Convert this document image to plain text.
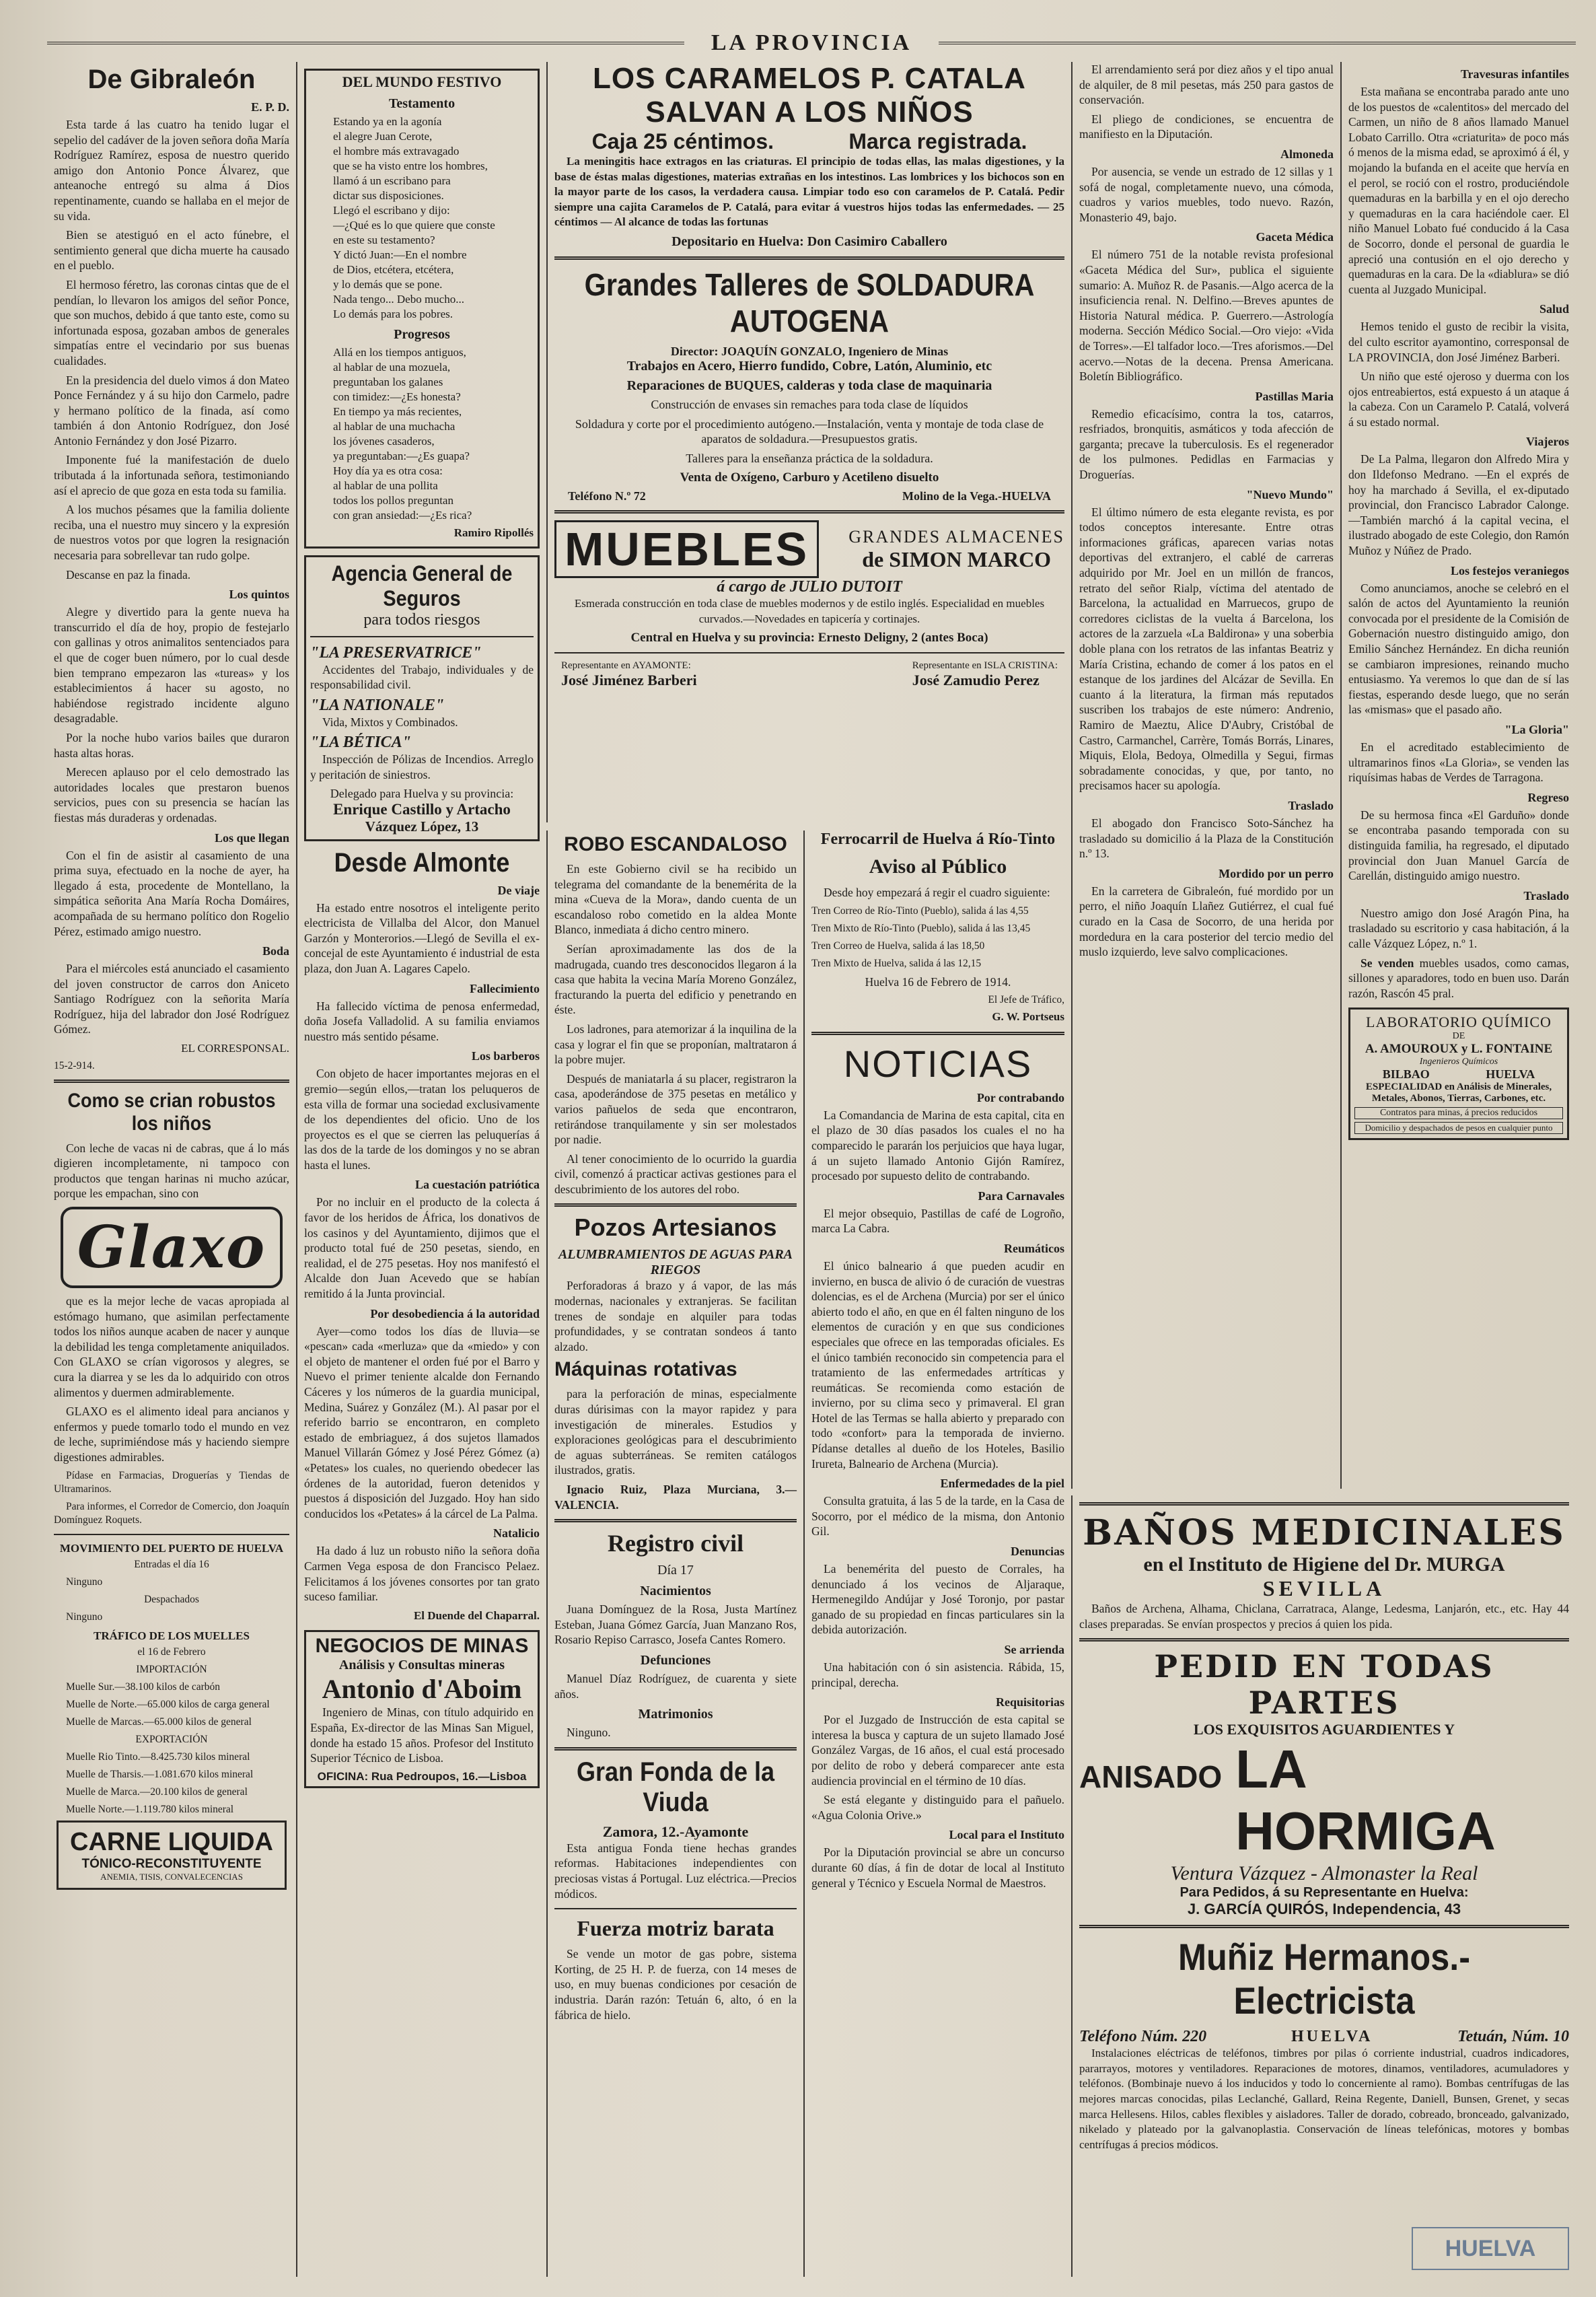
LA PROVINCIA
De Gibraleón
E. P. D.

Esta tarde á las cuatro ha tenido lugar el sepelio del cadáver de la joven señora doña María Rodríguez Ramírez, esposa de nuestro querido amigo don Antonio Ponce Álvarez, que anteanoche entregó su alma á Dios repentinamente, cuando se hallaba en el mejor de su vida.

Bien se atestiguó en el acto fúnebre, el sentimiento general que dicha muerte ha causado en el pueblo.

El hermoso féretro, las coronas cintas que de el pendían, lo llevaron los amigos del señor Ponce, que son muchos, debido á que tanto este, como su infortunada esposa, gozaban ambos de generales simpatías entre el vecindario por sus buenas cualidades.

En la presidencia del duelo vimos á don Mateo Ponce Fernández y á su hijo don Carmelo, padre y hermano político de la finada, así como también á don Antonio Rodríguez, don José Antonio Fernández y don José Pizarro.

Imponente fué la manifestación de duelo tributada á la infortunada señora, testimoniando así el aprecio de que goza en esta toda su familia.

A los muchos pésames que la familia doliente reciba, una el nuestro muy sincero y la expresión de nuestros votos por que logren la resignación necesaria para sobrellevar tan rudo golpe.

Descanse en paz la finada.

Los quintos

Alegre y divertido para la gente nueva ha transcurrido el día de hoy, propio de festejarlo con gallinas y otros animalitos sentenciados para el que de coger buen número, por lo cual desde bien temprano empezaron las «tureas» y los establecimientos á hacer su agosto, no habiéndose registrado incidente alguno desagradable.

Por la noche hubo varios bailes que duraron hasta altas horas.

Merecen aplauso por el celo demostrado las autoridades locales que prestaron buenos servicios, pues con su presencia se hacían las fiestas más duraderas y ordenadas.

Los que llegan

Con el fin de asistir al casamiento de una prima suya, efectuado en la noche de ayer, ha llegado á esta, procedente de Montellano, la simpática señorita Ana María Rocha Domáires, acompañada de su hermano político don Rogelio Pérez, estimado amigo nuestro.

Boda

Para el miércoles está anunciado el casamiento del joven constructor de carros don Aniceto Santiago Rodríguez con la señorita María Rodríguez, hija del labrador don José Rodríguez Gómez.

EL CORRESPONSAL.

15-2-914.

Como se crian robustos los niños

Con leche de vacas ni de cabras, que á lo más digieren incompletamente, ni tampoco con productos que tengan harinas ni mucho azúcar, porque les empachan, sino con

Glaxo

que es la mejor leche de vacas apropiada al estómago humano, que asimilan perfectamente todos los niños aunque acaben de nacer y aunque la debilidad les tenga completamente aniquilados. Con GLAXO se crían vigorosos y alegres, se cura la diarrea y se les da lo adquirido con otros alimentos y duermen admirablemente.

GLAXO es el alimento ideal para ancianos y enfermos y puede tomarlo todo el mundo en vez de leche, suprimiéndose más y haciendo siempre digestiones admirables.

Pídase en Farmacias, Droguerías y Tiendas de Ultramarinos.

Para informes, el Corredor de Comercio, don Joaquín Domínguez Roquets.

MOVIMIENTO DEL PUERTO DE HUELVA

Entradas el día 16

Ninguno

Despachados

Ninguno

TRÁFICO DE LOS MUELLES

el 16 de Febrero

IMPORTACIÓN

Muelle Sur.—38.100 kilos de carbón

Muelle de Norte.—65.000 kilos de carga general

Muelle de Marcas.—65.000 kilos de general

EXPORTACIÓN

Muelle Rio Tinto.—8.425.730 kilos mineral

Muelle de Tharsis.—1.081.670 kilos mineral

Muelle de Marca.—20.100 kilos de general

Muelle Norte.—1.119.780 kilos mineral

CARNE LIQUIDA
TÓNICO-RECONSTITUYENTE
ANEMIA, TISIS, CONVALECENCIAS
DEL MUNDO FESTIVO
Testamento

Estando ya en la agonía

el alegre Juan Cerote,

el hombre más extravagado

que se ha visto entre los hombres,

llamó á un escribano para

dictar sus disposiciones.

Llegó el escribano y dijo:

—¿Qué es lo que quiere que conste

en este su testamento?

Y dictó Juan:—En el nombre

de Dios, etcétera, etcétera,

y lo demás que se pone.

Nada tengo... Debo mucho...

Lo demás para los pobres.

Progresos

Allá en los tiempos antiguos,

al hablar de una mozuela,

preguntaban los galanes

con timidez:—¿Es honesta?

En tiempo ya más recientes,

al hablar de una muchacha

los jóvenes casaderos,

ya preguntaban:—¿Es guapa?

Hoy día ya es otra cosa:

al hablar de una pollita

todos los pollos preguntan

con gran ansiedad:—¿Es rica?

Ramiro Ripollés

Agencia General de Seguros
para todos riesgos
"LA PRESERVATRICE"

Accidentes del Trabajo, individuales y de responsabilidad civil.

"LA NATIONALE"

Vida, Mixtos y Combinados.

"LA BÉTICA"

Inspección de Pólizas de Incendios. Arreglo y peritación de siniestros.

Delegado para Huelva y su provincia:
Enrique Castillo y Artacho
Vázquez López, 13
Desde Almonte
De viaje

Ha estado entre nosotros el inteligente perito electricista de Villalba del Alcor, don Manuel Garzón y Monterorios.—Llegó de Sevilla el ex-concejal de este Ayuntamiento é industrial de esta plaza, don Juan A. Lagares Capelo.

Fallecimiento

Ha fallecido víctima de penosa enfermedad, doña Josefa Valladolid. A su familia enviamos nuestro más sentido pésame.

Los barberos

Con objeto de hacer importantes mejoras en el gremio—según ellos,—tratan los peluqueros de esta villa de formar una sociedad exclusivamente de los dependientes del oficio. Uno de los proyectos es el que se cierren las peluquerías á las dos de la tarde de los domingos y no se abran hasta el lunes.

La cuestación patriótica

Por no incluir en el producto de la colecta á favor de los heridos de África, los donativos de los casinos y del Ayuntamiento, dijimos que el producto total fué de 250 pesetas, siendo, en realidad, el de 275 pesetas. Hoy nos manifestó el Alcalde don Juan Acevedo que se habían remitido á la Junta provincial.

Por desobediencia á la autoridad

Ayer—como todos los días de lluvia—se «pescan» cada «merluza» que da «miedo» y con el objeto de mantener el orden fué por el Barro y Nuevo el primer teniente alcalde don Fernando Cáceres y los números de la guardia municipal, Medina, Suárez y González (M.). Al pasar por el referido barrio se encontraron, en completo estado de embriaguez, á dos sujetos llamados Manuel Villarán Gómez y José Pérez Gómez (a) «Petates» los cuales, no queriendo obedecer las órdenes de la autoridad, fueron detenidos y puestos á disposición del Juzgado. Hoy han sido conducidos los «Petates» á la cárcel de La Palma.

Natalicio

Ha dado á luz un robusto niño la señora doña Carmen Vega esposa de don Francisco Pelaez. Felicitamos á los jóvenes consortes por tan grato suceso familiar.

El Duende del Chaparral.

NEGOCIOS DE MINAS
Análisis y Consultas mineras
Antonio d'Aboim

Ingeniero de Minas, con título adquirido en España, Ex-director de las Minas San Miguel, donde ha estado 15 años. Profesor del Instituto Superior Técnico de Lisboa.

OFICINA: Rua Pedroupos, 16.—Lisboa
LOS CARAMELOS P. CATALA SALVAN A LOS NIÑOS
Caja 25 céntimos.	Marca registrada.

La meningitis hace extragos en las criaturas. El principio de todas ellas, las malas digestiones, y la base de éstas malas digestiones, materias extrañas en los intestinos. Las lombrices y los bichocos son en la mayor parte de los casos, la verdadera causa. Limpiar todo eso con caramelos de P. Catalá. Pedir siempre una cajita Caramelos de P. Catalá, para evitar á vuestros hijos todas las enfermedades. — 25 céntimos — Al alcance de todas las fortunas

Depositario en Huelva: Don Casimiro Caballero
Grandes Talleres de SOLDADURA AUTOGENA
Director: JOAQUÍN GONZALO, Ingeniero de Minas

Trabajos en Acero, Hierro fundido, Cobre, Latón, Aluminio, etc

Reparaciones de BUQUES, calderas y toda clase de maquinaria

Construcción de envases sin remaches para toda clase de líquidos

Soldadura y corte por el procedimiento autógeno.—Instalación, venta y montaje de toda clase de aparatos de soldadura.—Presupuestos gratis.

Talleres para la enseñanza práctica de la soldadura.

Venta de Oxígeno, Carburo y Acetileno disuelto

Teléfono N.º 72	Molino de la Vega.-HUELVA
MUEBLES	GRANDES ALMACENES
de SIMON MARCO
á cargo de JULIO DUTOIT

Esmerada construcción en toda clase de muebles modernos y de estilo inglés. Especialidad en muebles curvados.—Novedades en tapicería y cortinajes.

Central en Huelva y su provincia: Ernesto Deligny, 2 (antes Boca)
Representante en AYAMONTE:
José Jiménez Barberi
Representante en ISLA CRISTINA:
José Zamudio Perez
ROBO ESCANDALOSO

En este Gobierno civil se ha recibido un telegrama del comandante de la benemérita de la mina «Cueva de la Mora», dando cuenta de un escandaloso robo cometido en la aldea Monte Blanco, inmediata á dicho centro minero.

Serían aproximadamente las dos de la madrugada, cuando tres desconocidos llegaron á la casa que habita la vecina María Moreno González, fracturando la puerta del edificio y penetrando en éste.

Los ladrones, para atemorizar á la inquilina de la casa y lograr el fin que se proponían, maltrataron á la pobre mujer.

Después de maniatarla á su placer, registraron la casa, apoderándose de 375 pesetas en metálico y varios pañuelos de seda que encontraron, retirándose tranquilamente y sin ser molestados por nadie.

Al tener conocimiento de lo ocurrido la guardia civil, comenzó á practicar activas gestiones para el descubrimiento de los autores del robo.

Pozos Artesianos
ALUMBRAMIENTOS DE AGUAS PARA RIEGOS

Perforadoras á brazo y á vapor, de las más modernas, nacionales y extranjeras. Se facilitan trenes de sondaje en alquiler para todas profundidades, y se contratan sondeos á tanto alzado.

Máquinas rotativas

para la perforación de minas, especialmente duras dúrisimas con la mayor rapidez y para investigación de minerales. Estudios y exploraciones geológicas para el descubrimiento de aguas subterráneas. Se remiten catálogos ilustrados, gratis.

Ignacio Ruiz, Plaza Murciana, 3.—VALENCIA.

Registro civil
Día 17
Nacimientos

Juana Domínguez de la Rosa, Justa Martínez Esteban, Juana Gómez García, Juan Manzano Ros, Rosario Repiso Carrasco, Josefa Cantes Romero.

Defunciones

Manuel Díaz Rodríguez, de cuarenta y siete años.

Matrimonios

Ninguno.

Gran Fonda de la Viuda
Zamora, 12.-Ayamonte

Esta antigua Fonda tiene hechas grandes reformas. Habitaciones independientes con preciosas vistas á Portugal. Luz eléctrica.—Precios módicos.

Fuerza motriz barata

Se vende un motor de gas pobre, sistema Korting, de 25 H. P. de fuerza, con 14 meses de uso, en muy buenas condiciones por cesación de industria. Darán razón: Tetuán 6, alto, ó en la fábrica de hielo.

Ferrocarril de Huelva á Río-Tinto
Aviso al Público

Desde hoy empezará á regir el cuadro siguiente:

Tren Correo de Río-Tinto (Pueblo), salida á las 4,55

Tren Mixto de Río-Tinto (Pueblo), salida á las 13,45

Tren Correo de Huelva, salida á las 18,50

Tren Mixto de Huelva, salida á las 12,15

Huelva 16 de Febrero de 1914.

El Jefe de Tráfico,

G. W. Portseus

NOTICIAS
Por contrabando

La Comandancia de Marina de esta capital, cita en el plazo de 30 días pasados los cuales el no ha comparecido le pararán los perjuicios que haya lugar, á un sujeto llamado Antonio Gijón Ramírez, procesado por supuesto delito de contrabando.

Para Carnavales

El mejor obsequio, Pastillas de café de Logroño, marca La Cabra.

Reumáticos

El único balneario á que pueden acudir en invierno, en busca de alivio ó de curación de vuestras dolencias, es el de Archena (Murcia) por ser el único abierto todo el año, en que en él falten ninguno de los elementos de curación y en que sus condiciones especiales que ofrece en las temporadas oficiales. Es el único también reconocido sin competencia para el tratamiento de las enfermedades artríticas y reumáticas. Se recomienda como estación de invierno, por su clima seco y primaveral. El gran Hotel de las Termas se halla abierto y preparado con todo «confort» para la temporada de invierno. Pídanse detalles al dueño de los Hoteles, Basilio Irureta, Balneario de Archena (Murcia).

Enfermedades de la piel

Consulta gratuita, á las 5 de la tarde, en la Casa de Socorro, por el médico de la misma, don Antonio Gil.

Denuncias

La benemérita del puesto de Corrales, ha denunciado á los vecinos de Aljaraque, Hermenegildo Andújar y José Toronjo, por pastar ganado de su propiedad en fincas particulares sin la debida autorización.

Se arrienda

Una habitación con ó sin asistencia. Rábida, 15, principal, derecha.

Requisitorias

Por el Juzgado de Instrucción de esta capital se interesa la busca y captura de un sujeto llamado José González Vargas, de 16 años, el cual está procesado por delito de robo y deberá comparecer ante esta audiencia provincial en el término de 10 días.

Se está elegante y distinguido para el pañuelo. «Agua Colonia Orive.»

Local para el Instituto

Por la Diputación provincial se abre un concurso durante 60 días, á fin de dotar de local al Instituto general y Técnico y Escuela Normal de Maestros.

El arrendamiento será por diez años y el tipo anual de alquiler, de 8 mil pesetas, más 250 para gastos de conservación.

El pliego de condiciones, se encuentra de manifiesto en la Diputación.

Almoneda

Por ausencia, se vende un estrado de 12 sillas y 1 sofá de nogal, completamente nuevo, una cómoda, cuadros y varios muebles, todo nuevo. Razón, Monasterio 49, bajo.

Gaceta Médica

El número 751 de la notable revista profesional «Gaceta Médica del Sur», publica el siguiente sumario: A. Muñoz R. de Pasanis.—Algo acerca de la insuficiencia renal. N. Delfino.—Breves apuntes de Historia Natural médica. P. Guerrero.—Astrología moderna. Sección Médico Social.—Oro viejo: «Vida de Torres».—El talfador loco.—Tres aforismos.—Del acervo.—Notas de la decena. Prensa Americana. Boletín Bibliográfico.

Pastillas Maria

Remedio eficacísimo, contra la tos, catarros, resfriados, bronquitis, asmáticos y toda afección de garganta; precave la tuberculosis. Es el regenerador de los pulmones. Pedidlas en Farmacias y Droguerías.

"Nuevo Mundo"

El último número de esta elegante revista, es por todos conceptos interesante. Entre otras informaciones gráficas, aparecen varias notas deportivas del extranjero, el cablé de carreras adquirido por Mr. Joel en un millón de francos, retrato del señor Rialp, víctima del atentado de Barcelona, la actualidad en Marruecos, grupo de corredores ciclistas de la vuelta á Barcelona, los actores de la zarzuela «La Baldirona» y una soberbia doble plana con los retratos de las infantas Beatriz y María Cristina, echando de comer á los patos en el estanque de los jardines del Alcázar de Sevilla. En cuanto á la literatura, la firman más reputados suscriben los trabajos de este número: Andrenio, Ramiro de Maeztu, Alice D'Aubry, Cristóbal de Castro, Carmanchel, Carrère, Tomás Borrás, Linares, Miquis, Elola, Bedoya, Olmedilla y Segui, firmas sobradamente conocidas, y que, por tanto, no precisamos hacer su apología.

Traslado

El abogado don Francisco Soto-Sánchez ha trasladado su domicilio á la Plaza de la Constitución n.º 13.

Mordido por un perro

En la carretera de Gibraleón, fué mordido por un perro, el niño Joaquín Llañez Gutiérrez, el cual fué curado en la Casa de Socorro, de una herida por mordedura en la cara posterior del tercio medio del muslo izquierdo, leve salvo complicaciones.

Travesuras infantiles

Esta mañana se encontraba parado ante uno de los puestos de «calentitos» del mercado del Carmen, un niño de 8 años llamado Manuel Lobato Carrillo. Otra «criaturita» de poco más ó menos de la misma edad, se aproximó á él, y mojando la bufanda en el aceite que hervía en el perol, se roció con el rostro, produciéndole quemaduras en la barbilla y en el ojo derecho y quemaduras en la cara haciéndole caer. El niño Manuel Lobato fué conducido á la Casa de Socorro, donde el personal de guardia le apreció una contusión en el ojo derecho y quemaduras en la cara. De la «diablura» se dió cuenta al Juzgado Municipal.

Salud

Hemos tenido el gusto de recibir la visita, del culto escritor ayamontino, corresponsal de LA PROVINCIA, don José Jiménez Barberi.

Un niño que esté ojeroso y duerma con los ojos entreabiertos, está expuesto á un ataque á la cabeza. Con un Caramelo P. Catalá, volverá á su estado normal.

Viajeros

De La Palma, llegaron don Alfredo Mira y don Ildefonso Medrano. —En el exprés de hoy ha marchado á Sevilla, el ex-diputado provincial, don Francisco Labrador Calonge. —También marchó á la capital vecina, el ilustrado abogado de este Colegio, don Ramón Muñoz y Núñez de Prado.

Los festejos veraniegos

Como anunciamos, anoche se celebró en el salón de actos del Ayuntamiento la reunión convocada por el presidente de la Comisión de Gobernación nuestro distinguido amigo, don Emilio Sánchez Hernández. En dicha reunión se cambiaron impresiones, reinando mucho entusiasmo. Ya veremos lo que dan de sí las fiestas, esperando desde luego, que no serán las «mismas» que el pasado año.

"La Gloria"

En el acreditado establecimiento de ultramarinos finos «La Gloria», se venden las riquísimas habas de Verdes de Tarragona.

Regreso

De su hermosa finca «El Garduño» donde se encontraba pasando temporada con su distinguida familia, ha regresado, el diputado provincial don Juan Manuel García de Carellán, distinguido amigo nuestro.

Traslado

Nuestro amigo don José Aragón Pina, ha trasladado su escritorio y casa habitación, á la calle Vázquez López, n.º 1.

Se venden muebles usados, como camas, sillones y aparadores, todo en buen uso. Darán razón, Rascón 45 pral.

LABORATORIO QUÍMICO
DE
A. AMOUROUX y L. FONTAINE
Ingenieros Químicos
BILBAO	HUELVA
ESPECIALIDAD en Análisis de Minerales, Metales, Abonos, Tierras, Carbones, etc.
Contratos para minas, á precios reducidos
Domicilio y despachados de pesos en cualquier punto
BAÑOS MEDICINALES
en el Instituto de Higiene del Dr. MURGA
SEVILLA

Baños de Archena, Alhama, Chiclana, Carratraca, Alange, Ledesma, Lanjarón, etc., etc. Hay 44 clases preparadas. Se envían prospectos y precios á quien los pida.

PEDID EN TODAS PARTES
LOS EXQUISITOS AGUARDIENTES Y
ANISADO LA HORMIGA
Ventura Vázquez - Almonaster la Real
Para Pedidos, á su Representante en Huelva:
J. GARCÍA QUIRÓS, Independencia, 43
Muñiz Hermanos.-Electricista
Teléfono Núm. 220	HUELVA	Tetuán, Núm. 10

Instalaciones eléctricas de teléfonos, timbres por pilas ó corriente industrial, cuadros indicadores, pararrayos, motores y ventiladores. Reparaciones de motores, dinamos, ventiladores, acumuladores y teléfonos. (Bombinaje nuevo á los inducidos y todo lo concerniente al ramo). Bombas centrífugas de las mejores marcas conocidas, pilas Leclanché, Gallard, Reina Regente, Daniell, Bunsen, Grenet, y secas marca Hellesens. Hilos, cables flexibles y aisladores. Taller de dorado, cobreado, bronceado, galvanizado, nikelado y plateado por la galvanoplastia. Conservación de líneas telefónicas, motores y bombas centrífugas á precios módicos.

HUELVA
